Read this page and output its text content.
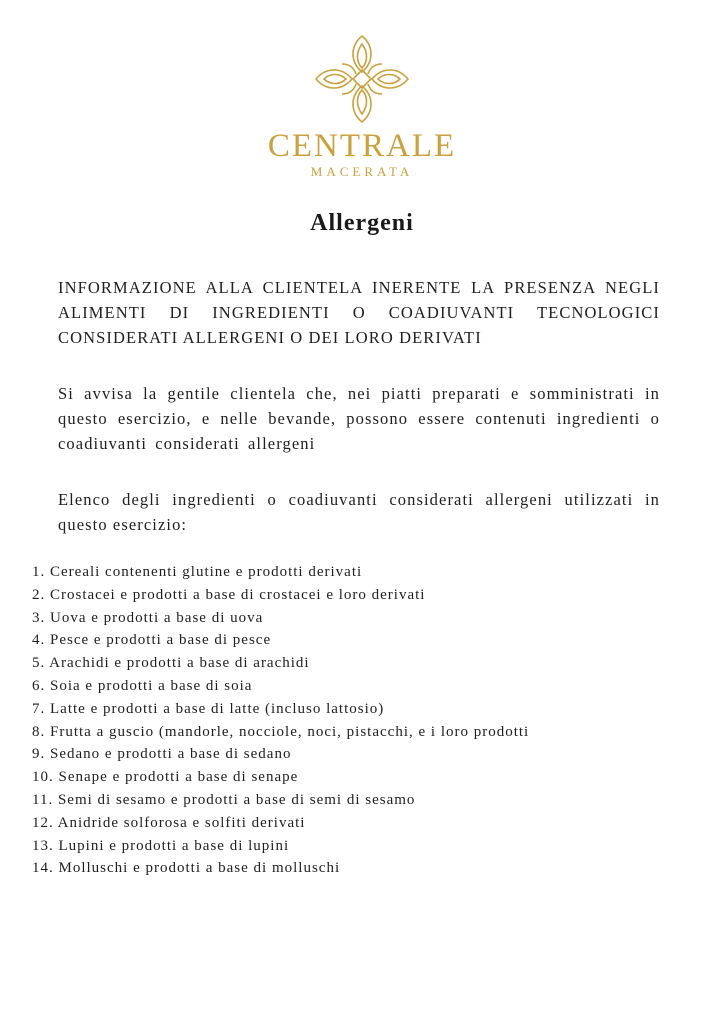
CENTRALE
MACERATA
Allergeni

INFORMAZIONE ALLA CLIENTELA INERENTE LA PRESENZA NEGLI ALIMENTI DI INGREDIENTI O COADIUVANTI TECNOLOGICI CONSIDERATI ALLERGENI O DEI LORO DERIVATI

Si avvisa la gentile clientela che, nei piatti preparati e somministrati in questo esercizio, e nelle bevande, possono essere contenuti ingredienti o coadiuvanti considerati allergeni

Elenco degli ingredienti o coadiuvanti considerati allergeni utilizzati in questo esercizio:

1. Cereali contenenti glutine e prodotti derivati
2. Crostacei e prodotti a base di crostacei e loro derivati
3. Uova e prodotti a base di uova
4. Pesce e prodotti a base di pesce
5. Arachidi e prodotti a base di arachidi
6. Soia e prodotti a base di soia
7. Latte e prodotti a base di latte (incluso lattosio)
8. Frutta a guscio (mandorle, nocciole, noci, pistacchi, e i loro prodotti
9. Sedano e prodotti a base di sedano
10. Senape e prodotti a base di senape
11. Semi di sesamo e prodotti a base di semi di sesamo
12. Anidride solforosa e solfiti derivati
13. Lupini e prodotti a base di lupini
14. Molluschi e prodotti a base di molluschi
